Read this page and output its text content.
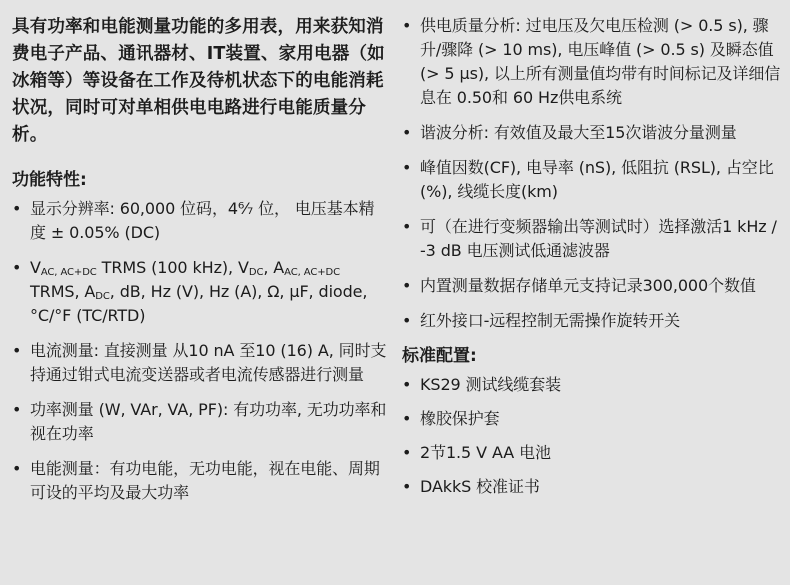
具有功率和电能测量功能的多用表，用来获知消费电子产品、通讯器材、IT装置、家用电器（如冰箱等）等设备在工作及待机状态下的电能消耗状况，同时可对单相供电电路进行电能质量分析。

功能特性:
• 显示分辨率: 60,000 位码，4⁶⁄₇ 位， 电压基本精度 ± 0.05% (DC)
• $V_{AC, AC+DC}$ TRMS (100 kHz), $V_{DC}$, $A_{AC, AC+DC}$ TRMS, $A_{DC}$, dB, Hz (V), Hz (A), Ω, μF, diode, °C/°F (TC/RTD)
• 电流测量: 直接测量 从10 nA 至10 (16) A, 同时支持通过钳式电流变送器或者电流传感器进行测量
• 功率测量 (W, VAr, VA, PF): 有功功率, 无功功率和视在功率
• 电能测量：有功电能，无功电能，视在电能、周期可设的平均及最大功率
• 供电质量分析: 过电压及欠电压检测 (> 0.5 s), 骤升/骤降 (> 10 ms), 电压峰值 (> 0.5 s) 及瞬态值(> 5 μs), 以上所有测量值均带有时间标记及详细信息在 0.50和 60 Hz供电系统
• 谐波分析: 有效值及最大至15次谐波分量测量
• 峰值因数(CF), 电导率 (nS), 低阻抗 (RSL), 占空比 (%), 线缆长度(km)
• 可（在进行变频器输出等测试时）选择激活1 kHz / -3 dB 电压测试低通滤波器
• 内置测量数据存储单元支持记录300,000个数值
• 红外接口-远程控制无需操作旋转开关
标准配置:
• KS29 测试线缆套装
• 橡胶保护套
• 2节1.5 V AA 电池
• DAkkS 校准证书
